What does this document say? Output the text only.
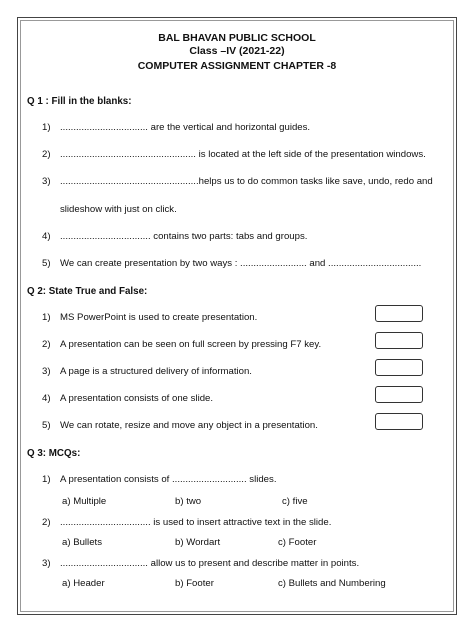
BAL BHAVAN PUBLIC SCHOOL
Class –IV (2021-22)
COMPUTER ASSIGNMENT CHAPTER -8
Q 1 : Fill in the blanks:
1) ................................. are the vertical and horizontal guides.
2) ................................................... is located at the left side of the presentation windows.
3) ....................................................helps us to do common tasks like save, undo, redo and
slideshow with just on click.
4) .................................. contains two parts: tabs and groups.
5) We can create presentation by two ways : ......................... and ...................................
Q 2: State True and False:
1) MS PowerPoint is used to create presentation.
2) A presentation can be seen on full screen by pressing F7 key.
3) A page is a structured delivery of information.
4) A presentation consists of one slide.
5) We can rotate, resize and move any object in a presentation.
Q 3: MCQs:
1) A presentation consists of ............................ slides.
a) Multiple	b) two	c) five
2) .................................. is used to insert attractive text in the slide.
a) Bullets	b) Wordart	c) Footer
3) ................................. allow us to present and describe matter in points.
a) Header	b) Footer	c) Bullets and Numbering
